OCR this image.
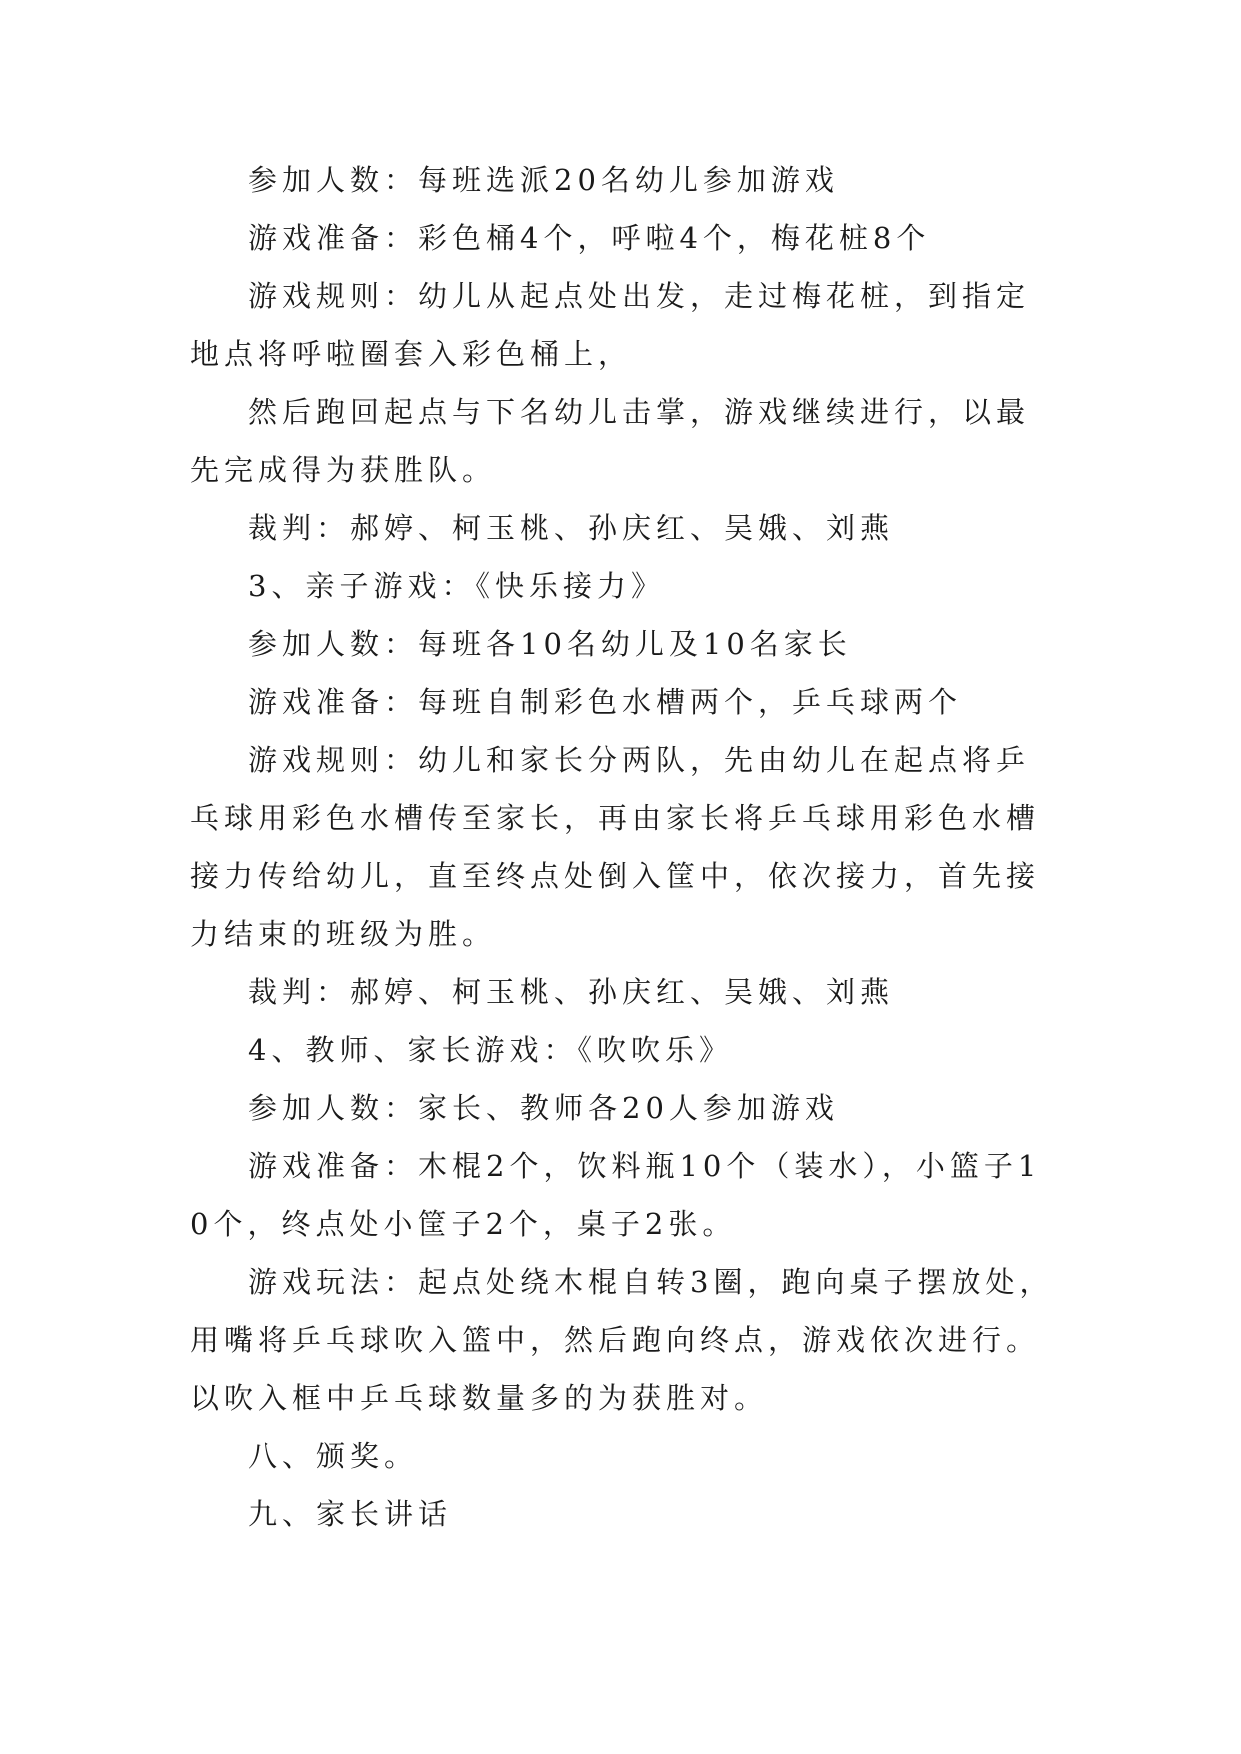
参加人数：每班选派20名幼儿参加游戏

游戏准备：彩色桶4个，呼啦4个，梅花桩8个

游戏规则：幼儿从起点处出发，走过梅花桩，到指定地点将呼啦圈套入彩色桶上，

然后跑回起点与下名幼儿击掌，游戏继续进行，以最先完成得为获胜队。

裁判：郝婷、柯玉桃、孙庆红、吴娥、刘燕

3、亲子游戏：《快乐接力》

参加人数：每班各10名幼儿及10名家长

游戏准备：每班自制彩色水槽两个，乒乓球两个

游戏规则：幼儿和家长分两队，先由幼儿在起点将乒乓球用彩色水槽传至家长，再由家长将乒乓球用彩色水槽接力传给幼儿，直至终点处倒入筐中，依次接力，首先接力结束的班级为胜。

裁判：郝婷、柯玉桃、孙庆红、吴娥、刘燕

4、教师、家长游戏：《吹吹乐》

参加人数：家长、教师各20人参加游戏

游戏准备：木棍2个，饮料瓶10个（装水），小篮子10个，终点处小筐子2个，桌子2张。

游戏玩法：起点处绕木棍自转3圈，跑向桌子摆放处，用嘴将乒乓球吹入篮中，然后跑向终点，游戏依次进行。以吹入框中乒乓球数量多的为获胜对。

八、颁奖。

九、家长讲话
